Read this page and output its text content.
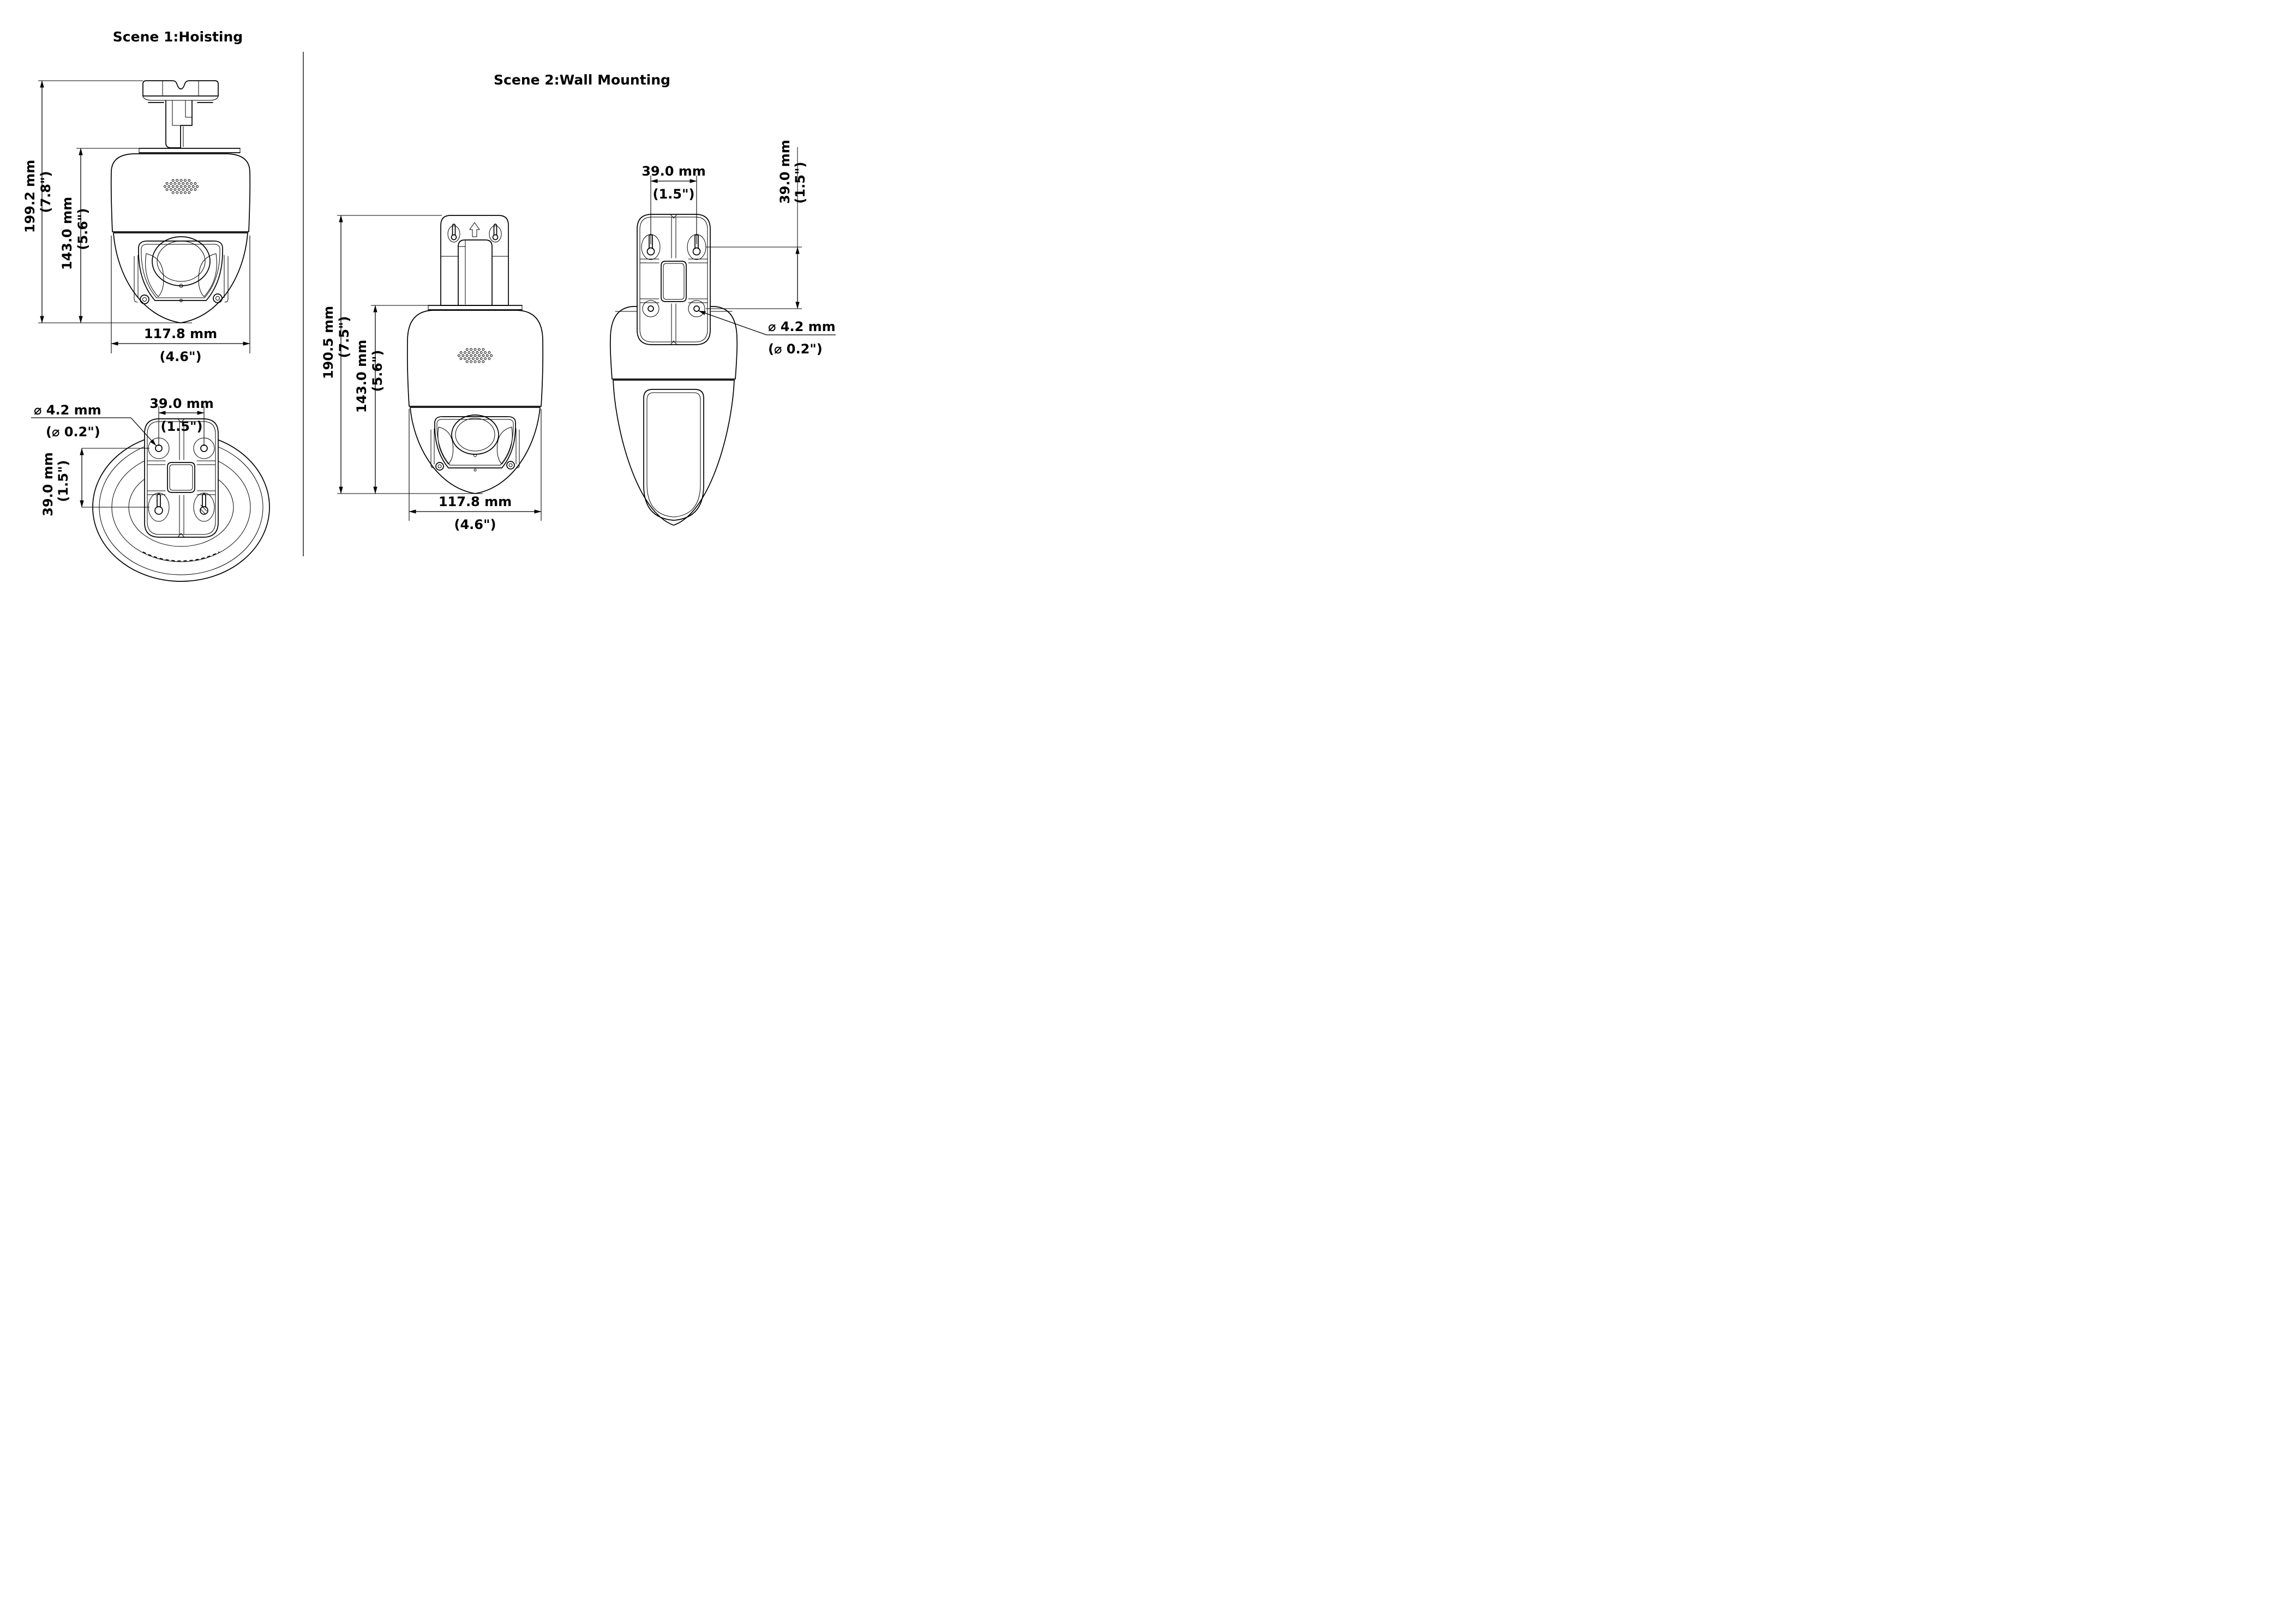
Scene 1:Hoisting
199.2 mm (7.8")
143.0 mm (5.6")
117.8 mm
(4.6")
39.0 mm
(1.5")
⌀ 4.2 mm
(⌀ 0.2")
39.0 mm (1.5")
Scene 2:Wall Mounting
190.5 mm (7.5")
143.0 mm (5.6")
117.8 mm
(4.6")
39.0 mm
(1.5")	39.0 mm (1.5")
⌀ 4.2 mm
(⌀ 0.2")
